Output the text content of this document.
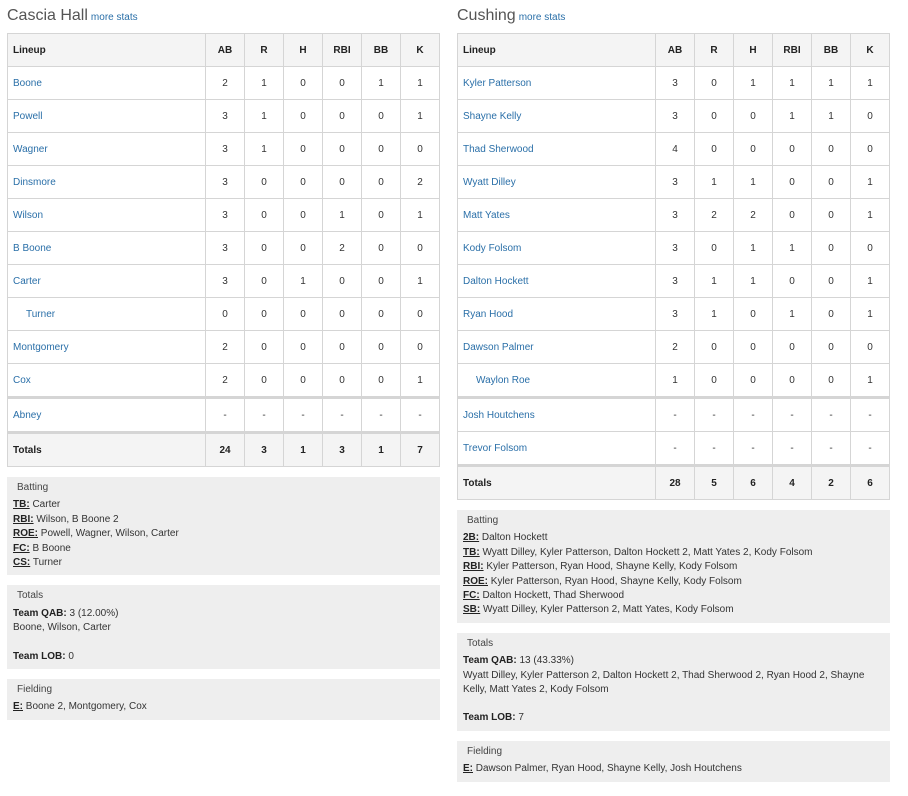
Cascia Hall more stats
Lineup	AB	R	H	RBI	BB	K
Boone	2	1	0	0	1	1
Powell	3	1	0	0	0	1
Wagner	3	1	0	0	0	0
Dinsmore	3	0	0	0	0	2
Wilson	3	0	0	1	0	1
B Boone	3	0	0	2	0	0
Carter	3	0	1	0	0	1
Turner	0	0	0	0	0	0
Montgomery	2	0	0	0	0	0
Cox	2	0	0	0	0	1
Abney	-	-	-	-	-	-
Totals	24	3	1	3	1	7
Batting
TB: Carter
RBI: Wilson, B Boone 2
ROE: Powell, Wagner, Wilson, Carter
FC: B Boone
CS: Turner
Totals
Team QAB: 3 (12.00%)
Boone, Wilson, Carter
Team LOB: 0
Fielding
E: Boone 2, Montgomery, Cox
Cushing more stats
Lineup	AB	R	H	RBI	BB	K
Kyler Patterson	3	0	1	1	1	1
Shayne Kelly	3	0	0	1	1	0
Thad Sherwood	4	0	0	0	0	0
Wyatt Dilley	3	1	1	0	0	1
Matt Yates	3	2	2	0	0	1
Kody Folsom	3	0	1	1	0	0
Dalton Hockett	3	1	1	0	0	1
Ryan Hood	3	1	0	1	0	1
Dawson Palmer	2	0	0	0	0	0
Waylon Roe	1	0	0	0	0	1
Josh Houtchens	-	-	-	-	-	-
Trevor Folsom	-	-	-	-	-	-
Totals	28	5	6	4	2	6
Batting
2B: Dalton Hockett
TB: Wyatt Dilley, Kyler Patterson, Dalton Hockett 2, Matt Yates 2, Kody Folsom
RBI: Kyler Patterson, Ryan Hood, Shayne Kelly, Kody Folsom
ROE: Kyler Patterson, Ryan Hood, Shayne Kelly, Kody Folsom
FC: Dalton Hockett, Thad Sherwood
SB: Wyatt Dilley, Kyler Patterson 2, Matt Yates, Kody Folsom
Totals
Team QAB: 13 (43.33%)
Wyatt Dilley, Kyler Patterson 2, Dalton Hockett 2, Thad Sherwood 2, Ryan Hood 2, Shayne Kelly, Matt Yates 2, Kody Folsom
Team LOB: 7
Fielding
E: Dawson Palmer, Ryan Hood, Shayne Kelly, Josh Houtchens
